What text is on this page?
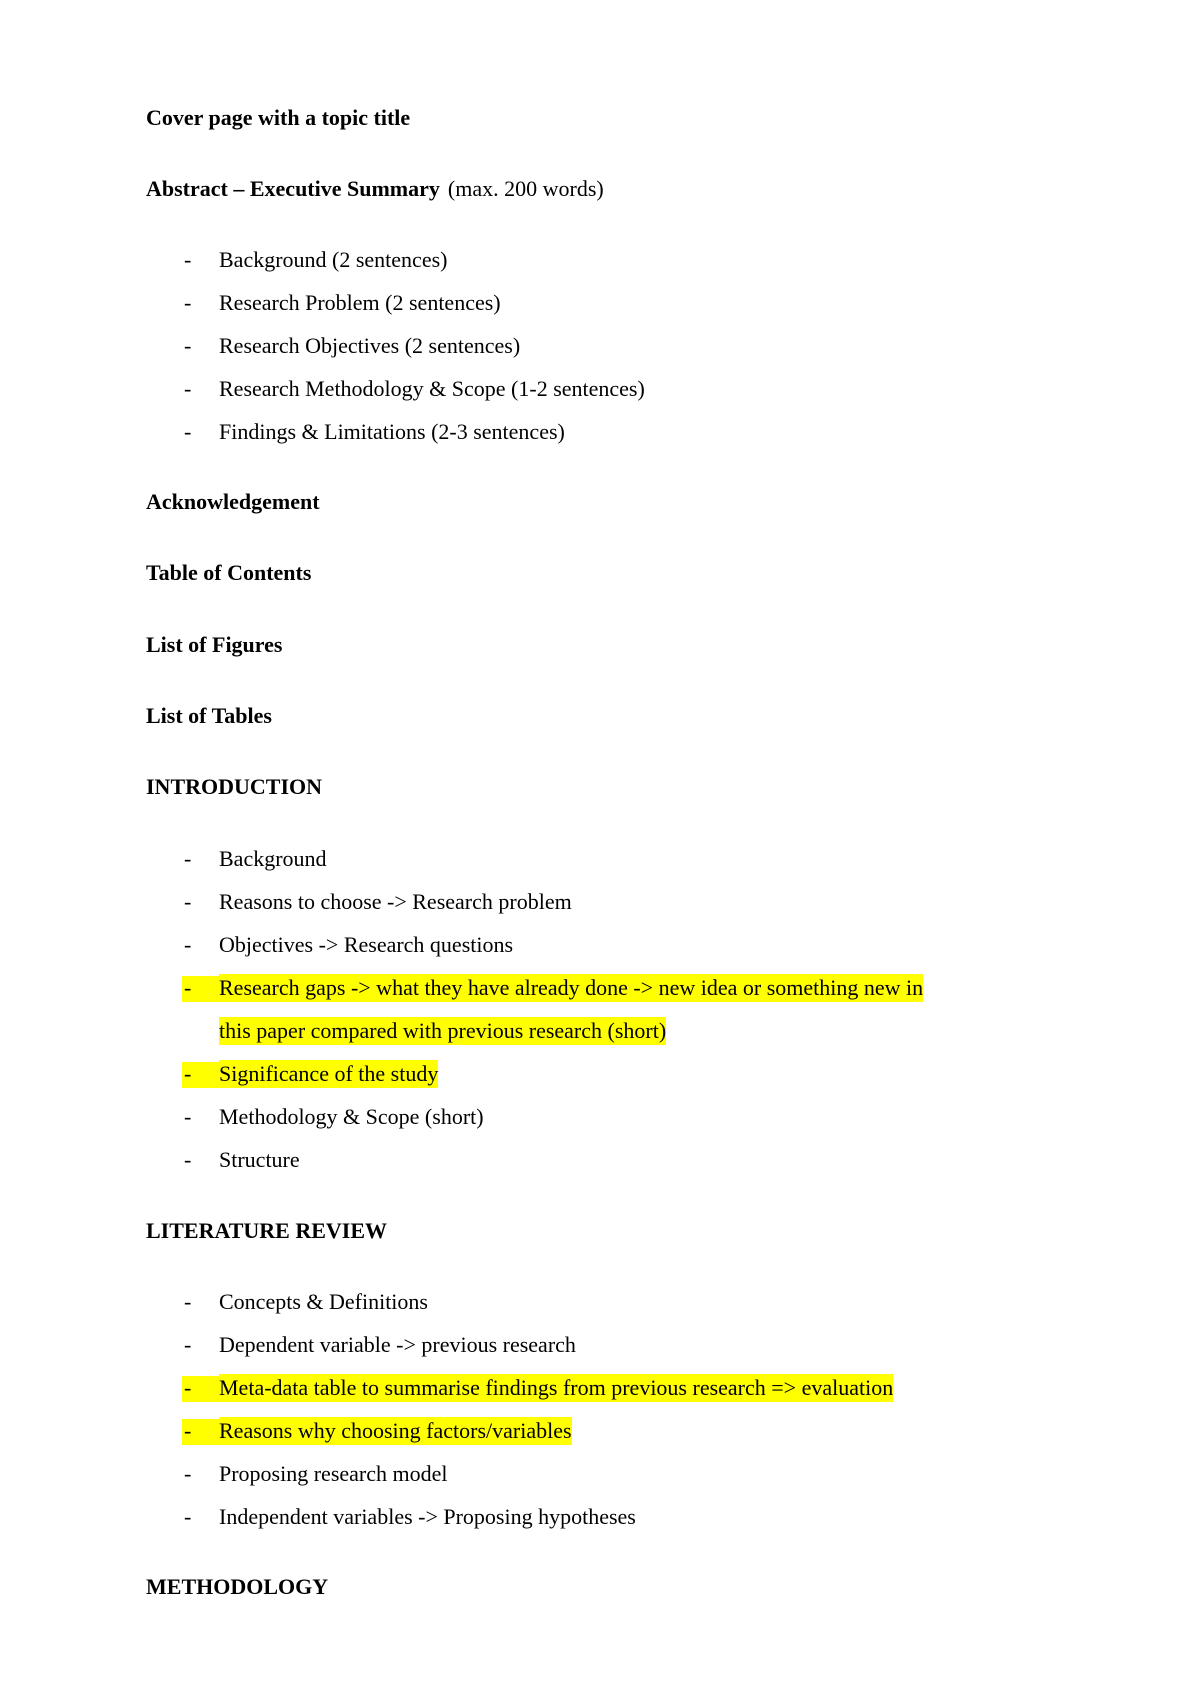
Cover page with a topic title
Abstract – Executive Summary (max. 200 words)
- Background (2 sentences)
- Research Problem (2 sentences)
- Research Objectives (2 sentences)
- Research Methodology & Scope (1-2 sentences)
- Findings & Limitations (2-3 sentences)
Acknowledgement
Table of Contents
List of Figures
List of Tables
INTRODUCTION
- Background
- Reasons to choose -> Research problem
- Objectives -> Research questions
- Research gaps -> what they have already done -> new idea or something new in
this paper compared with previous research (short)
- Significance of the study
- Methodology & Scope (short)
- Structure
LITERATURE REVIEW
- Concepts & Definitions
- Dependent variable -> previous research
- Meta-data table to summarise findings from previous research => evaluation
- Reasons why choosing factors/variables
- Proposing research model
- Independent variables -> Proposing hypotheses
METHODOLOGY
